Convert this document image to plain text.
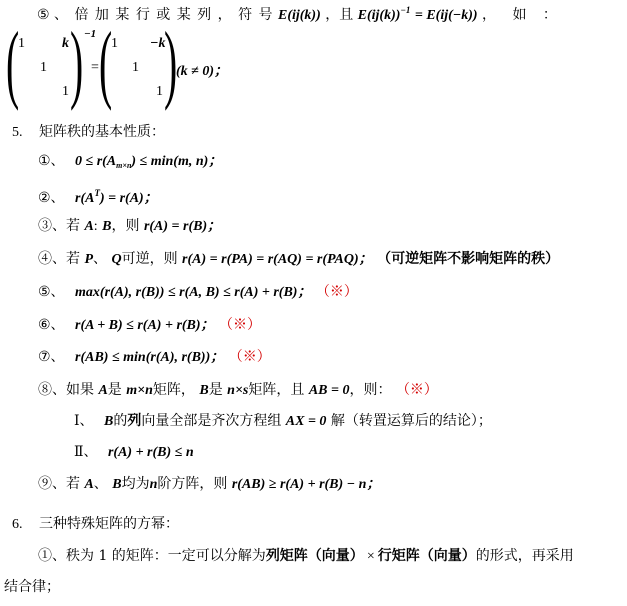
⑤ 、 倍 加 某 行 或 某 列 ， 符 号 E(ij(k)) ，且 $E(ij(k))^{-1} = E(ij(-k))$ ， 如 ：
(
1	k
1
1 ) −1
= (
1 −k
1
1 )
(k ≠ 0)；
5. 矩阵秩的基本性质：
①、 $0 \le r(A_{m\times n}) \le \min(m$, n)；
②、 $r(A^T) = r(A)$；
③、若 A: B，则 r(A) = r(B)；
④、若 P、 Q可逆，则 r(A) = r(PA) = r(AQ) = r(PAQ)； （可逆矩阵不影响矩阵的秩）
⑤、 max(r(A), r(B)) ≤ r(A, B) ≤ r(A) + r(B)； （※）
⑥、 r(A + B) ≤ r(A) + r(B)； （※）
⑦、 r(AB) ≤ min(r(A), r(B))； （※）
⑧、如果 A是 m×n矩阵， B是 n×s矩阵，且 AB = 0，则： （※）
Ⅰ、 B的列向量全部是齐次方程组 AX = 0 解（转置运算后的结论）；
Ⅱ、 r(A) + r(B) ≤ n
⑨、若 A、 B均为n阶方阵，则 r(AB) ≥ r(A) + r(B) − n；
6. 三种特殊矩阵的方幂：
①、秩为 1 的矩阵：一定可以分解为列矩阵（向量） × 行矩阵（向量）的形式，再采用
结合律；
